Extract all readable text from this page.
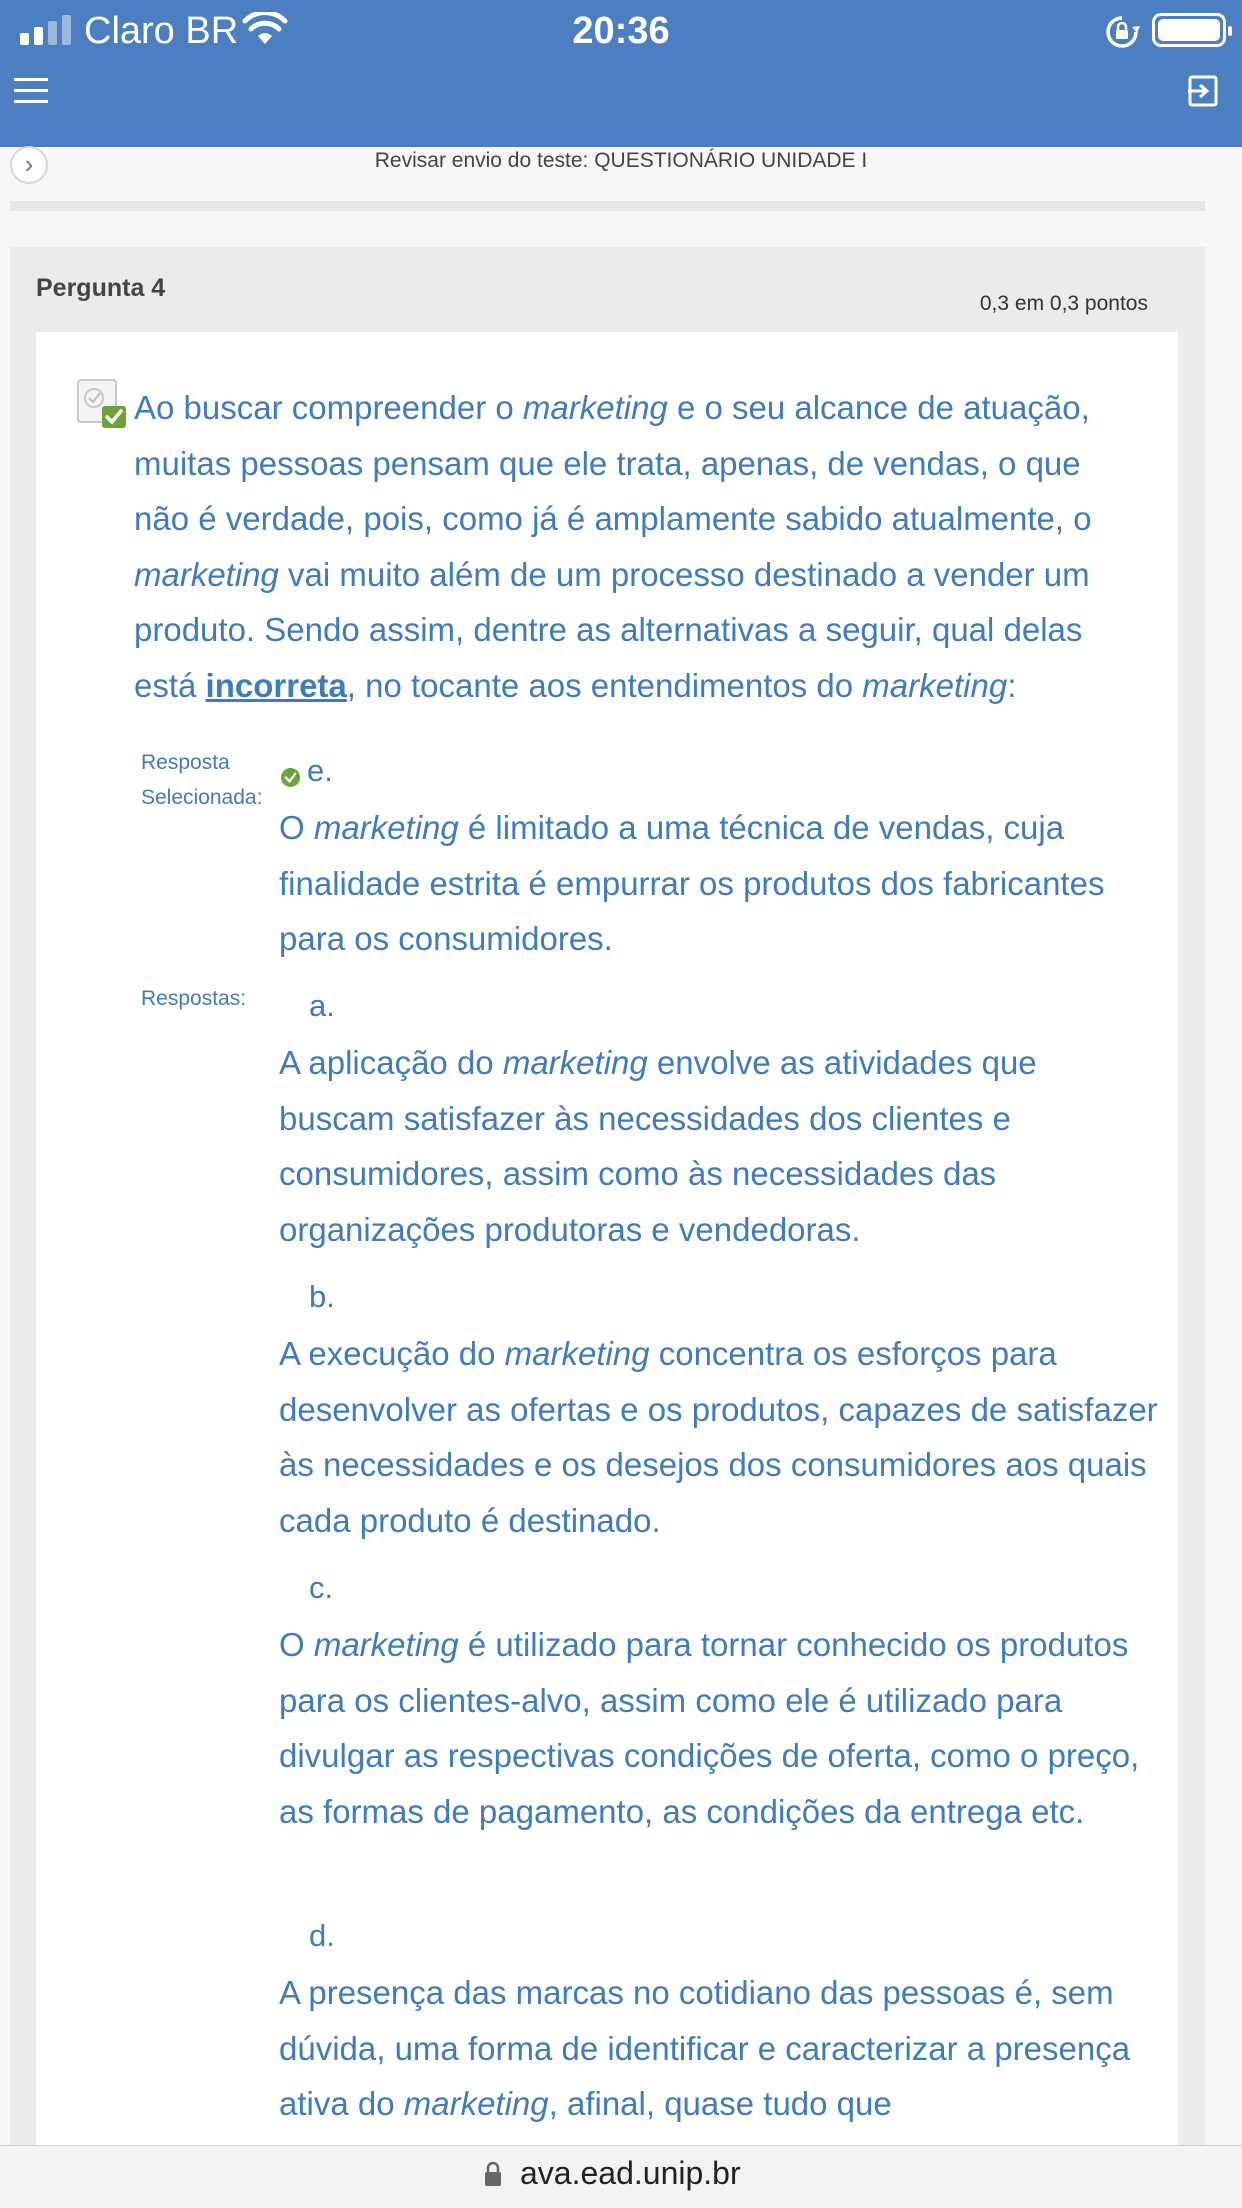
Claro BR	20:36
›	Revisar envio do teste: QUESTIONÁRIO UNIDADE I
Pergunta 4
0,3 em 0,3 pontos
Ao buscar compreender o marketing e o seu alcance de atuação, muitas pessoas pensam que ele trata, apenas, de vendas, o que não é verdade, pois, como já é amplamente sabido atualmente, o marketing vai muito além de um processo destinado a vender um produto. Sendo assim, dentre as alternativas a seguir, qual delas está incorreta, no tocante aos entendimentos do marketing:
Resposta
Selecionada:
e.
O marketing é limitado a uma técnica de vendas, cuja finalidade estrita é empurrar os produtos dos fabricantes para os consumidores.
Respostas: a.
A aplicação do marketing envolve as atividades que buscam satisfazer às necessidades dos clientes e consumidores, assim como às necessidades das organizações produtoras e vendedoras.
b.
A execução do marketing concentra os esforços para desenvolver as ofertas e os produtos, capazes de satisfazer às necessidades e os desejos dos consumidores aos quais cada produto é destinado.
c.
O marketing é utilizado para tornar conhecido os produtos para os clientes-alvo, assim como ele é utilizado para divulgar as respectivas condições de oferta, como o preço, as formas de pagamento, as condições da entrega etc.
d.
A presença das marcas no cotidiano das pessoas é, sem dúvida, uma forma de identificar e caracterizar a presença ativa do marketing, afinal, quase tudo que
ava.ead.unip.br
